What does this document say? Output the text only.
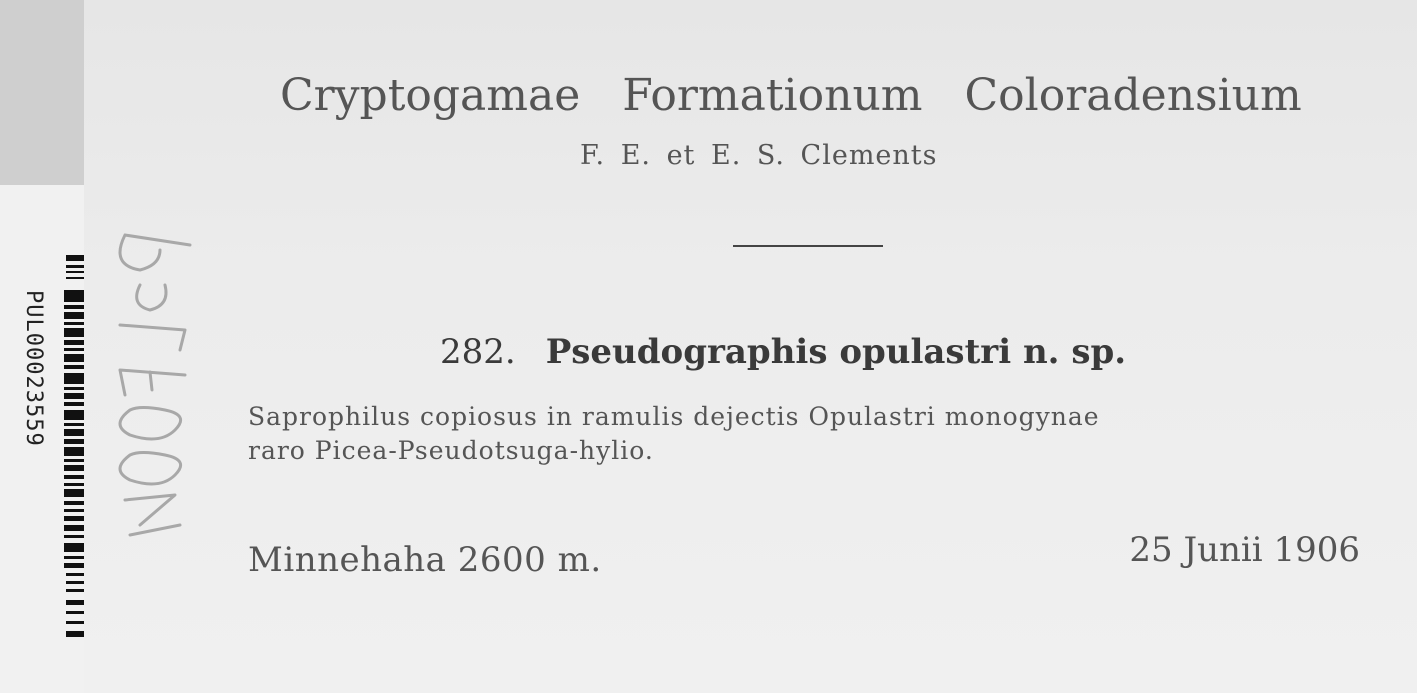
PUL00023559
Cryptogamae Formationum Coloradensium
F. E. et E. S. Clements
282. Pseudographis opulastri n. sp.
Saprophilus copiosus in ramulis dejectis Opulastri monogynae
raro Picea-Pseudotsuga-hylio.
Minnehaha 2600 m.	25 Junii 1906
